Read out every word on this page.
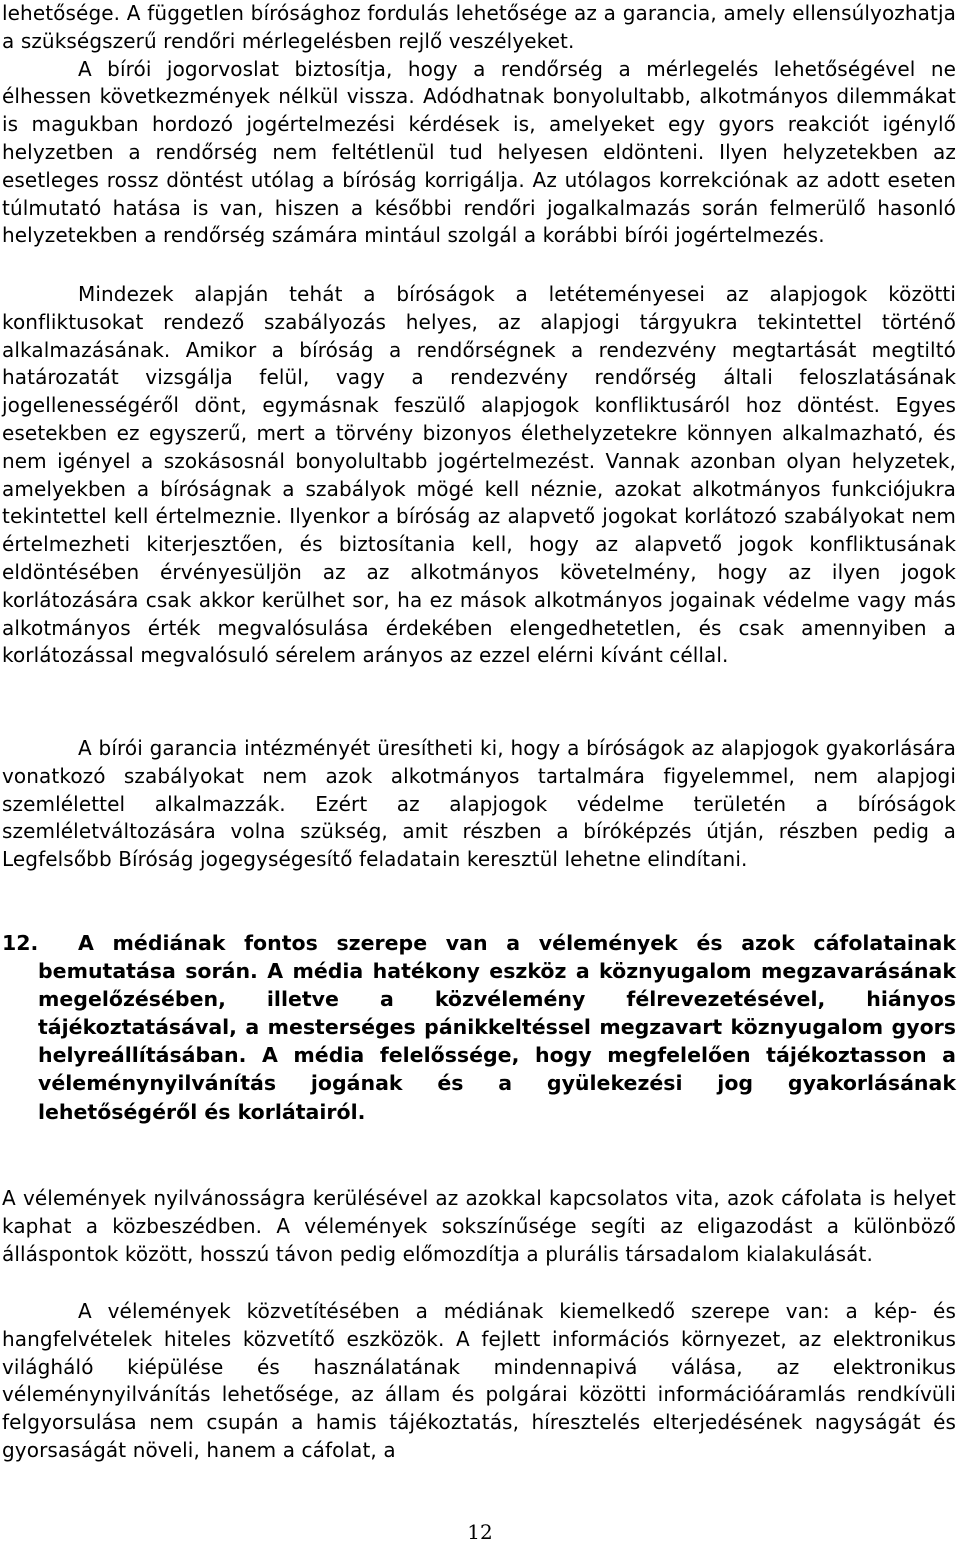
lehetősége. A független bírósághoz fordulás lehetősége az a garancia, amely ellensúlyozhatja a szükségszerű rendőri mérlegelésben rejlő veszélyeket.
A bírói jogorvoslat biztosítja, hogy a rendőrség a mérlegelés lehetőségével ne élhessen következmények nélkül vissza. Adódhatnak bonyolultabb, alkotmányos dilemmákat is magukban hordozó jogértelmezési kérdések is, amelyeket egy gyors reakciót igénylő helyzetben a rendőrség nem feltétlenül tud helyesen eldönteni. Ilyen helyzetekben az esetleges rossz döntést utólag a bíróság korrigálja. Az utólagos korrekciónak az adott eseten túlmutató hatása is van, hiszen a későbbi rendőri jogalkalmazás során felmerülő hasonló helyzetekben a rendőrség számára mintául szolgál a korábbi bírói jogértelmezés.
Mindezek alapján tehát a bíróságok a letéteményesei az alapjogok közötti konfliktusokat rendező szabályozás helyes, az alapjogi tárgyukra tekintettel történő alkalmazásának. Amikor a bíróság a rendőrségnek a rendezvény megtartását megtiltó határozatát vizsgálja felül, vagy a rendezvény rendőrség általi feloszlatásának jogellenességéről dönt, egymásnak feszülő alapjogok konfliktusáról hoz döntést. Egyes esetekben ez egyszerű, mert a törvény bizonyos élethelyzetekre könnyen alkalmazható, és nem igényel a szokásosnál bonyolultabb jogértelmezést. Vannak azonban olyan helyzetek, amelyekben a bíróságnak a szabályok mögé kell néznie, azokat alkotmányos funkciójukra tekintettel kell értelmeznie. Ilyenkor a bíróság az alapvető jogokat korlátozó szabályokat nem értelmezheti kiterjesztően, és biztosítania kell, hogy az alapvető jogok konfliktusának eldöntésében érvényesüljön az az alkotmányos követelmény, hogy az ilyen jogok korlátozására csak akkor kerülhet sor, ha ez mások alkotmányos jogainak védelme vagy más alkotmányos érték megvalósulása érdekében elengedhetetlen, és csak amennyiben a korlátozással megvalósuló sérelem arányos az ezzel elérni kívánt céllal.
A bírói garancia intézményét üresítheti ki, hogy a bíróságok az alapjogok gyakorlására vonatkozó szabályokat nem azok alkotmányos tartalmára figyelemmel, nem alapjogi szemlélettel alkalmazzák. Ezért az alapjogok védelme területén a bíróságok szemléletváltozására volna szükség, amit részben a bíróképzés útján, részben pedig a Legfelsőbb Bíróság jogegységesítő feladatain keresztül lehetne elindítani.
12.	A médiának fontos szerepe van a vélemények és azok cáfolatainak bemutatása során. A média hatékony eszköz a köznyugalom megzavarásának megelőzésében, illetve a közvélemény félrevezetésével, hiányos tájékoztatásával, a mesterséges pánikkeltéssel megzavart köznyugalom gyors helyreállításában. A média felelőssége, hogy megfelelően tájékoztasson a véleménynyilvánítás jogának és a gyülekezési jog gyakorlásának lehetőségéről és korlátairól.
A vélemények nyilvánosságra kerülésével az azokkal kapcsolatos vita, azok cáfolata is helyet kaphat a közbeszédben. A vélemények sokszínűsége segíti az eligazodást a különböző álláspontok között, hosszú távon pedig előmozdítja a plurális társadalom kialakulását.
A vélemények közvetítésében a médiának kiemelkedő szerepe van: a kép- és hangfelvételek hiteles közvetítő eszközök. A fejlett információs környezet, az elektronikus világháló kiépülése és használatának mindennapivá válása, az elektronikus véleménynyilvánítás lehetősége, az állam és polgárai közötti információáramlás rendkívüli felgyorsulása nem csupán a hamis tájékoztatás, híresztelés elterjedésének nagyságát és gyorsaságát növeli, hanem a cáfolat, a
12
